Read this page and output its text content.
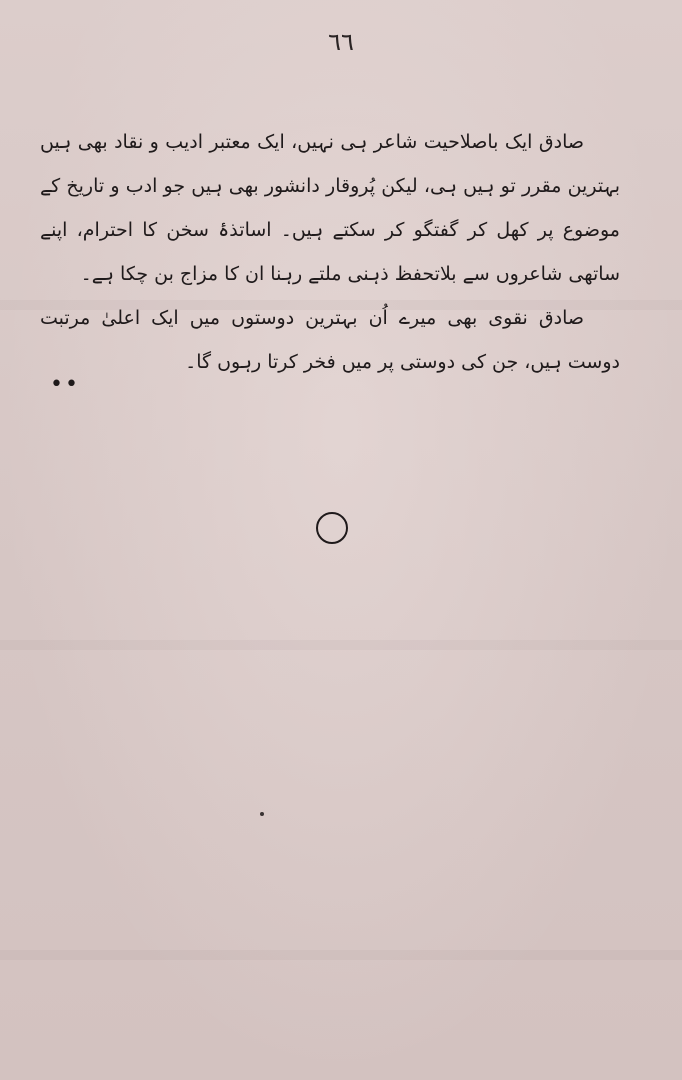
٦٦

صادق ایک باصلاحیت شاعر ہی نہیں، ایک معتبر ادیب و نقاد بھی ہیں بہترین مقرر تو ہیں ہی، لیکن پُروقار دانشور بھی ہیں جو ادب و تاریخ کے موضوع پر کھل کر گفتگو کر سکتے ہیں۔ اساتذۂ سخن کا احترام، اپنے ساتھی شاعروں سے بلاتحفظ ذہنی ملتے رہنا ان کا مزاج بن چکا ہے۔

صادق نقوی بھی میرے اُن بہترین دوستوں میں ایک اعلیٰ مرتبت دوست ہیں، جن کی دوستی پر میں فخر کرتا رہوں گا۔

••
